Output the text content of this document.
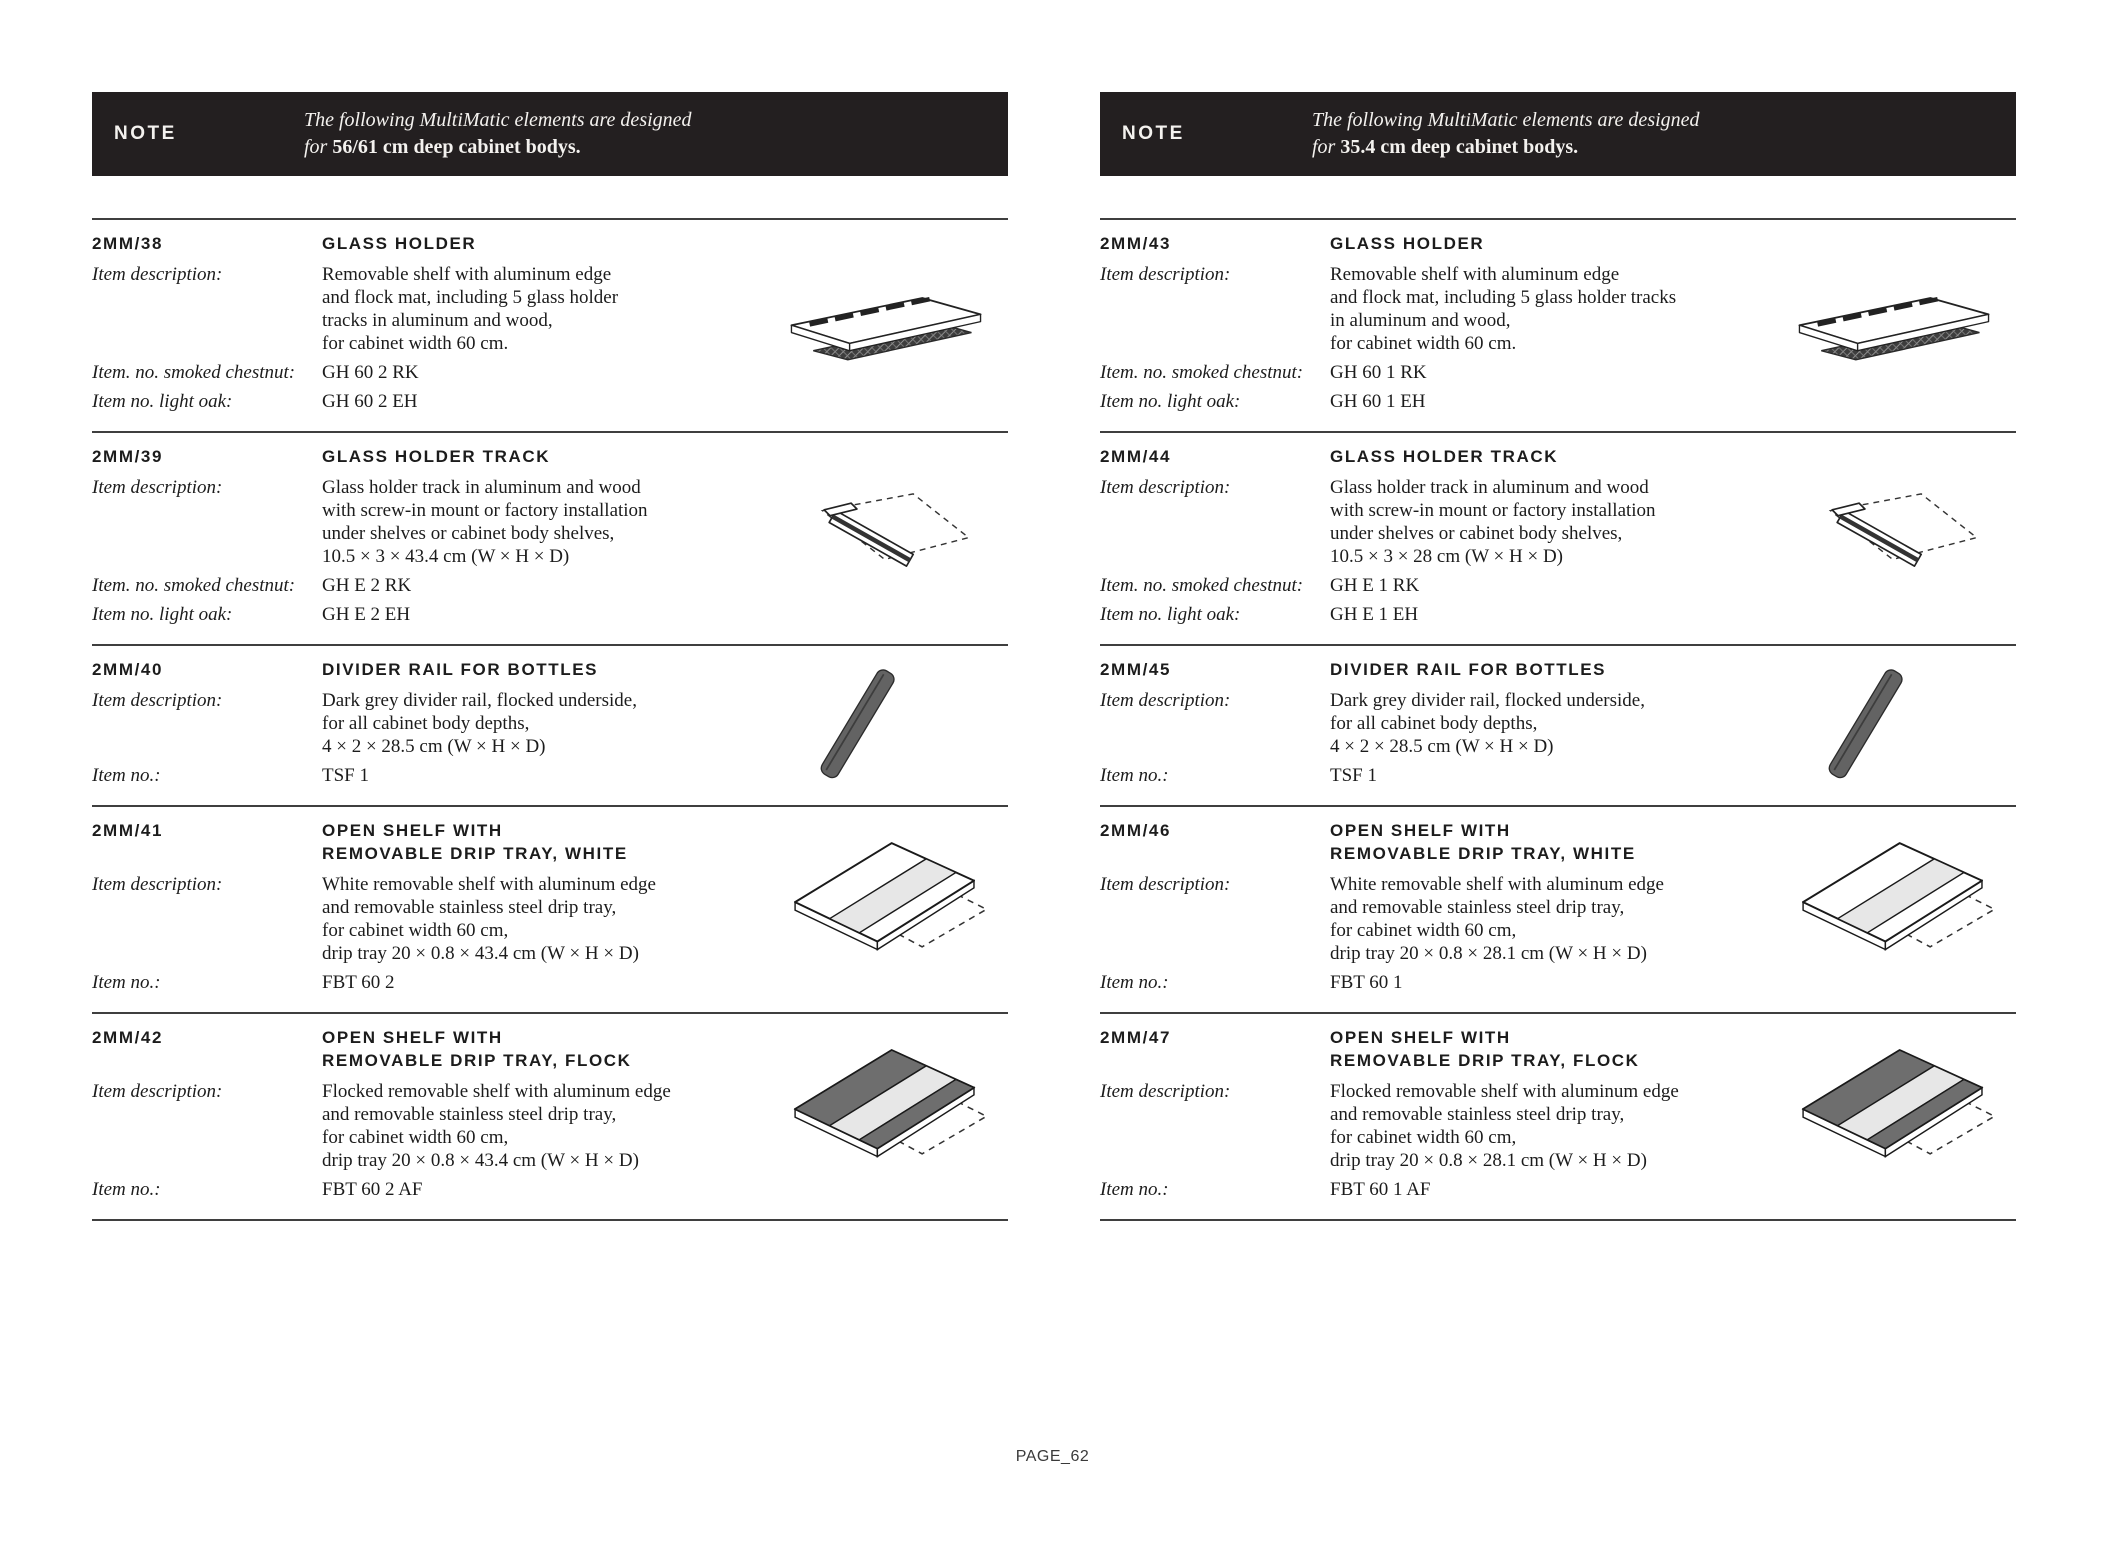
NOTE
The following MultiMatic elements are designed
for 56/61 cm deep cabinet bodys.
2MM/38	GLASS HOLDER
Item description:	Removable shelf with aluminum edge
and flock mat, including 5 glass holder
tracks in aluminum and wood,
for cabinet width 60 cm.
Item. no. smoked chestnut:	GH 60 2 RK
Item no. light oak:	GH 60 2 EH
2MM/39	GLASS HOLDER TRACK
Item description:	Glass holder track in aluminum and wood
with screw-in mount or factory installation
under shelves or cabinet body shelves,
10.5 × 3 × 43.4 cm (W × H × D)
Item. no. smoked chestnut:	GH E 2 RK
Item no. light oak:	GH E 2 EH
2MM/40	DIVIDER RAIL FOR BOTTLES
Item description:	Dark grey divider rail, flocked underside,
for all cabinet body depths,
4 × 2 × 28.5 cm (W × H × D)
Item no.:	TSF 1
2MM/41	OPEN SHELF WITH
REMOVABLE DRIP TRAY, WHITE
Item description:	White removable shelf with aluminum edge
and removable stainless steel drip tray,
for cabinet width 60 cm,
drip tray 20 × 0.8 × 43.4 cm (W × H × D)
Item no.:	FBT 60 2
2MM/42	OPEN SHELF WITH
REMOVABLE DRIP TRAY, FLOCK
Item description:	Flocked removable shelf with aluminum edge
and removable stainless steel drip tray,
for cabinet width 60 cm,
drip tray 20 × 0.8 × 43.4 cm (W × H × D)
Item no.:	FBT 60 2 AF
NOTE
The following MultiMatic elements are designed
for 35.4 cm deep cabinet bodys.
2MM/43	GLASS HOLDER
Item description:	Removable shelf with aluminum edge
and flock mat, including 5 glass holder tracks
in aluminum and wood,
for cabinet width 60 cm.
Item. no. smoked chestnut:	GH 60 1 RK
Item no. light oak:	GH 60 1 EH
2MM/44	GLASS HOLDER TRACK
Item description:	Glass holder track in aluminum and wood
with screw-in mount or factory installation
under shelves or cabinet body shelves,
10.5 × 3 × 28 cm (W × H × D)
Item. no. smoked chestnut:	GH E 1 RK
Item no. light oak:	GH E 1 EH
2MM/45	DIVIDER RAIL FOR BOTTLES
Item description:	Dark grey divider rail, flocked underside,
for all cabinet body depths,
4 × 2 × 28.5 cm (W × H × D)
Item no.:	TSF 1
2MM/46	OPEN SHELF WITH
REMOVABLE DRIP TRAY, WHITE
Item description:	White removable shelf with aluminum edge
and removable stainless steel drip tray,
for cabinet width 60 cm,
drip tray 20 × 0.8 × 28.1 cm (W × H × D)
Item no.:	FBT 60 1
2MM/47	OPEN SHELF WITH
REMOVABLE DRIP TRAY, FLOCK
Item description:	Flocked removable shelf with aluminum edge
and removable stainless steel drip tray,
for cabinet width 60 cm,
drip tray 20 × 0.8 × 28.1 cm (W × H × D)
Item no.:	FBT 60 1 AF
PAGE_62
